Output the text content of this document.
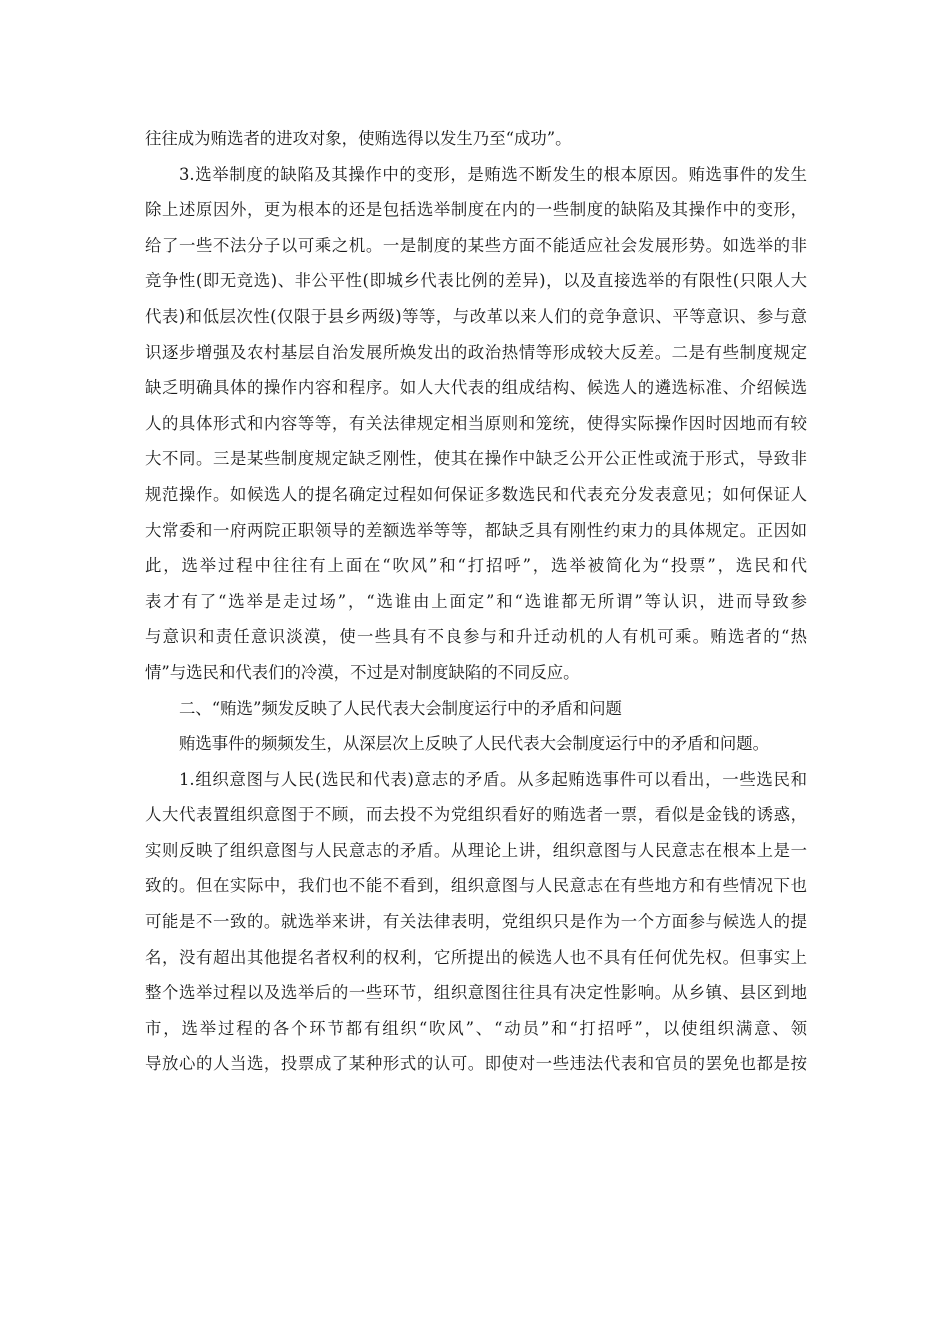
往往成为贿选者的进攻对象，使贿选得以发生乃至“成功”。
3.选举制度的缺陷及其操作中的变形，是贿选不断发生的根本原因。贿选事件的发生
除上述原因外，更为根本的还是包括选举制度在内的一些制度的缺陷及其操作中的变形，
给了一些不法分子以可乘之机。一是制度的某些方面不能适应社会发展形势。如选举的非
竞争性(即无竞选)、非公平性(即城乡代表比例的差异)，以及直接选举的有限性(只限人大
代表)和低层次性(仅限于县乡两级)等等，与改革以来人们的竞争意识、平等意识、参与意
识逐步增强及农村基层自治发展所焕发出的政治热情等形成较大反差。二是有些制度规定
缺乏明确具体的操作内容和程序。如人大代表的组成结构、候选人的遴选标准、介绍候选
人的具体形式和内容等等，有关法律规定相当原则和笼统，使得实际操作因时因地而有较
大不同。三是某些制度规定缺乏刚性，使其在操作中缺乏公开公正性或流于形式，导致非
规范操作。如候选人的提名确定过程如何保证多数选民和代表充分发表意见；如何保证人
大常委和一府两院正职领导的差额选举等等，都缺乏具有刚性约束力的具体规定。正因如
此，选举过程中往往有上面在“吹风”和“打招呼”，选举被简化为“投票”，选民和代
表才有了“选举是走过场”，“选谁由上面定”和“选谁都无所谓”等认识，进而导致参
与意识和责任意识淡漠，使一些具有不良参与和升迁动机的人有机可乘。贿选者的“热
情”与选民和代表们的冷漠，不过是对制度缺陷的不同反应。
二、“贿选”频发反映了人民代表大会制度运行中的矛盾和问题
贿选事件的频频发生，从深层次上反映了人民代表大会制度运行中的矛盾和问题。
1.组织意图与人民(选民和代表)意志的矛盾。从多起贿选事件可以看出，一些选民和
人大代表置组织意图于不顾，而去投不为党组织看好的贿选者一票，看似是金钱的诱惑，
实则反映了组织意图与人民意志的矛盾。从理论上讲，组织意图与人民意志在根本上是一
致的。但在实际中，我们也不能不看到，组织意图与人民意志在有些地方和有些情况下也
可能是不一致的。就选举来讲，有关法律表明，党组织只是作为一个方面参与候选人的提
名，没有超出其他提名者权利的权利，它所提出的候选人也不具有任何优先权。但事实上
整个选举过程以及选举后的一些环节，组织意图往往具有决定性影响。从乡镇、县区到地
市，选举过程的各个环节都有组织“吹风”、“动员”和“打招呼”，以使组织满意、领
导放心的人当选，投票成了某种形式的认可。即使对一些违法代表和官员的罢免也都是按
